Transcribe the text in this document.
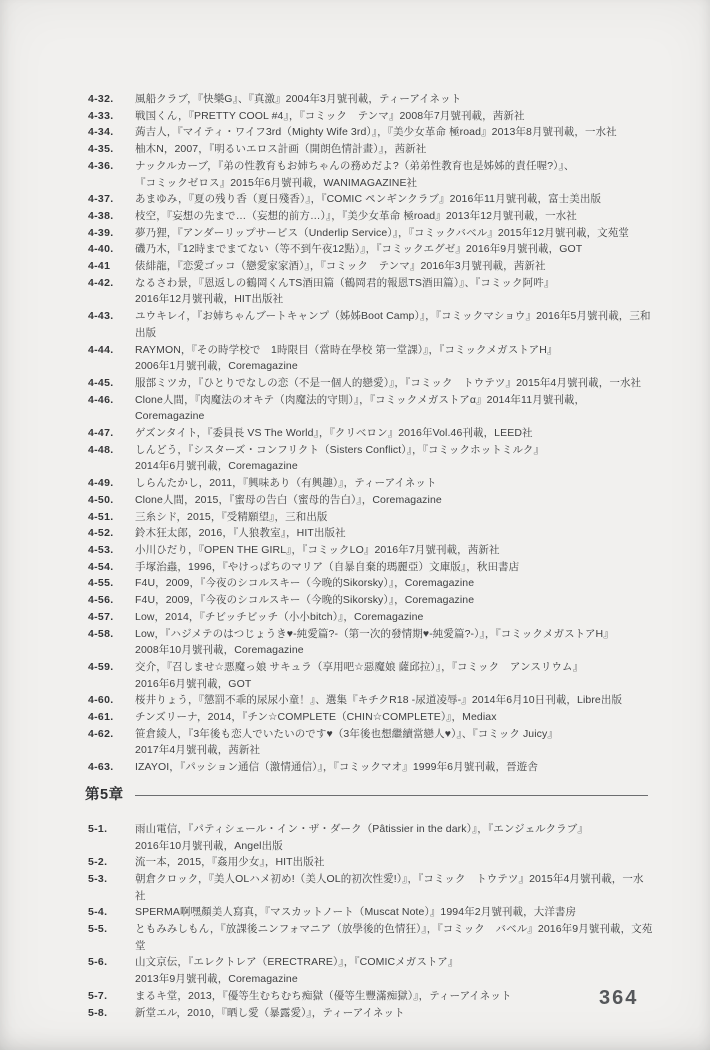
4-32.	風船クラブ，『快樂G』、『真激』2004年3月號刊載，ティーアイネット
4-33.	戦国くん，『PRETTY COOL #4』，『コミック　テンマ』2008年7月號刊載，茜新社
4-34.	蒟吉人，『マイティ・ワイフ3rd（Mighty Wife 3rd）』，『美少女革命 極road』2013年8月號刊載，一水社
4-35.	柚木N，2007，『明るいエロス計画（開朗色情計畫）』，茜新社
4-36.	ナックルカーブ，『弟の性教育もお姉ちゃんの務めだよ?（弟弟性教育也是姊姊的責任喔?）』、
『コミックゼロス』2015年6月號刊載，WANIMAGAZINE社
4-37.	あまゆみ，『夏の残り香（夏日殘香）』，『COMIC ペンギンクラブ』2016年11月號刊載，富士美出版
4-38.	枝空，『妄想の先まで…（妄想的前方…）』，『美少女革命 極road』2013年12月號刊載，一水社
4-39.	夢乃狸，『アンダーリップサービス（Underlip Service）』，『コミックバベル』2015年12月號刊載，文苑堂
4-40.	磯乃木，『12時までまてない（等不到午夜12點）』，『コミックエグゼ』2016年9月號刊載，GOT
4-41	俵緋龍，『恋愛ゴッコ（戀愛家家酒）』，『コミック　テンマ』2016年3月號刊載，茜新社
4-42.	なるさわ景，『恩返しの鶴岡くんTS酒田篇（鶴岡君的報恩TS酒田篇）』、『コミック阿吽』
2016年12月號刊載，HIT出版社
4-43.	ユウキレイ，『お姉ちゃんブートキャンプ（姊姊Boot Camp）』，『コミックマショウ』2016年5月號刊載，三和出版
4-44.	RAYMON，『その時学校で　1時限目（當時在學校 第一堂課）』，『コミックメガストアH』
2006年1月號刊載，Coremagazine
4-45.	服部ミツカ，『ひとりでなしの恋（不是一個人的戀愛）』，『コミック　トウテツ』2015年4月號刊載，一水社
4-46.	Clone人間，『肉魔法のオキテ（肉魔法的守則）』，『コミックメガストアα』2014年11月號刊載，Coremagazine
4-47.	ゲズンタイト，『委員長 VS The World』，『クリベロン』2016年Vol.46刊載，LEED社
4-48.	しんどう，『シスターズ・コンフリクト（Sisters Conflict）』，『コミックホットミルク』
2014年6月號刊載，Coremagazine
4-49.	しらんたかし，2011，『興味あり（有興趣）』，ティーアイネット
4-50.	Clone人間，2015，『蜜母の告白（蜜母的告白）』，Coremagazine
4-51.	三糸シド，2015，『受精願望』，三和出版
4-52.	鈴木狂太郎，2016，『人狼教室』，HIT出版社
4-53.	小川ひだり，『OPEN THE GIRL』，『コミックLO』2016年7月號刊載，茜新社
4-54.	手塚治蟲，1996，『やけっぱちのマリア（自暴自棄的瑪麗亞）文庫版』，秋田書店
4-55.	F4U，2009，『今夜のシコルスキー（今晚的Sikorsky）』，Coremagazine
4-56.	F4U，2009，『今夜のシコルスキー（今晚的Sikorsky）』，Coremagazine
4-57.	Low，2014，『チビッチビッチ（小小bitch）』，Coremagazine
4-58.	Low，『ハジメテのはつじょうき♥-純愛篇?-（第一次的發情期♥-純愛篇?-）』，『コミックメガストアH』
2008年10月號刊載，Coremagazine
4-59.	交介，『召しませ☆悪魔っ娘 サキュラ（享用吧☆惡魔娘 薩邱拉）』，『コミック　アンスリウム』
2016年6月號刊載，GOT
4-60.	桜井りょう，『懲罰不乖的尿尿小童！』、選集『キチクR18 -尿道凌辱-』2014年6月10日刊載，Libre出版
4-61.	チンズリーナ，2014，『チン☆COMPLETE（CHIN☆COMPLETE）』，Mediax
4-62.	笹倉綾人，『3年後も恋人でいたいのです♥（3年後也想繼續當戀人♥）』、『コミック Juicy』
2017年4月號刊載，茜新社
4-63.	IZAYOI，『パッション通信（激情通信）』，『コミックマオ』1999年6月號刊載，晉遊舎
第5章
5-1.	雨山電信，『パティシェール・イン・ザ・ダーク（Pâtissier in the dark）』，『エンジェルクラブ』
2016年10月號刊載，Angel出版
5-2.	流一本，2015，『姦用少女』，HIT出版社
5-3.	朝倉クロック，『美人OLハメ初め!（美人OL的初次性愛!）』，『コミック　トウテツ』2015年4月號刊載，一水社
5-4.	SPERMA啊嘿顏美人寫真，『マスカットノート（Muscat Note）』1994年2月號刊載，大洋書房
5-5.	ともみみしもん，『放課後ニンフォマニア（放學後的色情狂）』，『コミック　バベル』2016年9月號刊載，文苑堂
5-6.	山文京伝，『エレクトレア（ERECTRARE）』，『COMICメガストア』
2013年9月號刊載，Coremagazine
5-7.	まるキ堂，2013，『優等生むちむち痴獄（優等生豐滿痴獄）』，ティーアイネット
5-8.	新堂エル，2010，『晒し愛（暴露愛）』，ティーアイネット
364
